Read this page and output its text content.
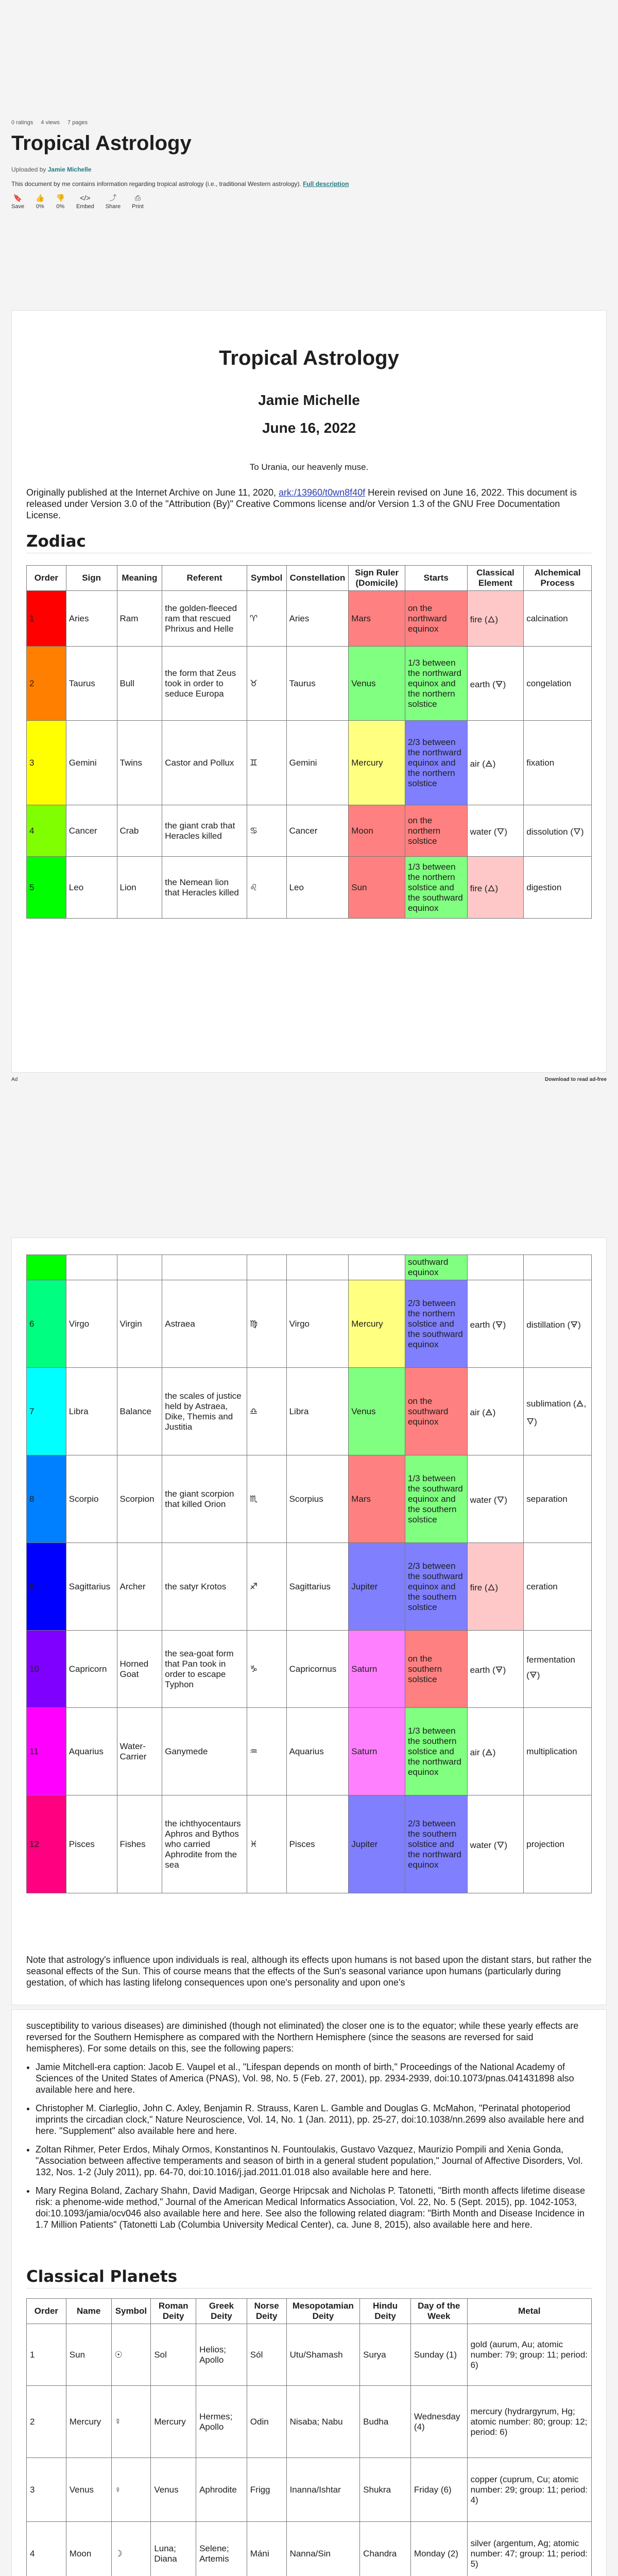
0 ratings 4 views 7 pages
Tropical Astrology
Uploaded by Jamie Michelle
This document by me contains information regarding tropical astrology (i.e., traditional Western astrology). Full description
🔖
Save
👍
0%
👎
0%
</>
Embed
⤴
Share
⎙
Print
Tropical Astrology
Jamie Michelle
June 16, 2022
To Urania, our heavenly muse.

Originally published at the Internet Archive on June 11, 2020, ark:/13960/t0wn8f40f Herein revised on June 16, 2022. This document is released under Version 3.0 of the "Attribution (By)" Creative Commons license and/or Version 1.3 of the GNU Free Documentation License.

Zodiac
Order	Sign	Meaning	Referent	Symbol	Constellation	Sign Ruler (Domicile)	Starts	Classical Element	Alchemical Process
1	Aries	Ram	the golden-fleeced ram that rescued Phrixus and Helle	♈	Aries	Mars	on the northward equinox	fire (🜂)	calcination
2	Taurus	Bull	the form that Zeus took in order to seduce Europa	♉	Taurus	Venus	1/3 between the northward equinox and the northern solstice	earth (🜃)	congelation
3	Gemini	Twins	Castor and Pollux	♊	Gemini	Mercury	2/3 between the northward equinox and the northern solstice	air (🜁)	fixation
4	Cancer	Crab	the giant crab that Heracles killed	♋	Cancer	Moon	on the northern solstice	water (🜄)	dissolution (🜄)
5	Leo	Lion	the Nemean lion that Heracles killed	♌	Leo	Sun	1/3 between the northern solstice and the southward equinox	fire (🜂)	digestion
Ad	Download to read ad-free
							southward equinox		
6	Virgo	Virgin	Astraea	♍	Virgo	Mercury	2/3 between the northern solstice and the southward equinox	earth (🜃)	distillation (🜃)
7	Libra	Balance	the scales of justice held by Astraea, Dike, Themis and Justitia	♎	Libra	Venus	on the southward equinox	air (🜁)	sublimation (🜁, 🜄)
8	Scorpio	Scorpion	the giant scorpion that killed Orion	♏	Scorpius	Mars	1/3 between the southward equinox and the southern solstice	water (🜄)	separation
9	Sagittarius	Archer	the satyr Krotos	♐	Sagittarius	Jupiter	2/3 between the southward equinox and the southern solstice	fire (🜂)	ceration
10	Capricorn	Horned Goat	the sea-goat form that Pan took in order to escape Typhon	♑	Capricornus	Saturn	on the southern solstice	earth (🜃)	fermentation (🜃)
11	Aquarius	Water-Carrier	Ganymede	♒	Aquarius	Saturn	1/3 between the southern solstice and the northward equinox	air (🜁)	multiplication
12	Pisces	Fishes	the ichthyocentaurs Aphros and Bythos who carried Aphrodite from the sea	♓	Pisces	Jupiter	2/3 between the southern solstice and the northward equinox	water (🜄)	projection

Note that astrology's influence upon individuals is real, although its effects upon humans is not based upon the distant stars, but rather the seasonal effects of the Sun. This of course means that the effects of the Sun's seasonal variance upon humans (particularly during gestation, of which has lasting lifelong consequences upon one's personality and upon one's

susceptibility to various diseases) are diminished (though not eliminated) the closer one is to the equator; while these yearly effects are reversed for the Southern Hemisphere as compared with the Northern Hemisphere (since the seasons are reversed for said hemispheres). For some details on this, see the following papers:

• Jamie Mitchell-era caption: Jacob E. Vaupel et al., "Lifespan depends on month of birth," Proceedings of the National Academy of Sciences of the United States of America (PNAS), Vol. 98, No. 5 (Feb. 27, 2001), pp. 2934-2939, doi:10.1073/pnas.041431898 also available here and here.
• Christopher M. Ciarleglio, John C. Axley, Benjamin R. Strauss, Karen L. Gamble and Douglas G. McMahon, "Perinatal photoperiod imprints the circadian clock," Nature Neuroscience, Vol. 14, No. 1 (Jan. 2011), pp. 25-27, doi:10.1038/nn.2699 also available here and here. "Supplement" also available here and here.
• Zoltan Rihmer, Peter Erdos, Mihaly Ormos, Konstantinos N. Fountoulakis, Gustavo Vazquez, Maurizio Pompili and Xenia Gonda, "Association between affective temperaments and season of birth in a general student population," Journal of Affective Disorders, Vol. 132, Nos. 1-2 (July 2011), pp. 64-70, doi:10.1016/j.jad.2011.01.018 also available here and here.
• Mary Regina Boland, Zachary Shahn, David Madigan, George Hripcsak and Nicholas P. Tatonetti, "Birth month affects lifetime disease risk: a phenome-wide method," Journal of the American Medical Informatics Association, Vol. 22, No. 5 (Sept. 2015), pp. 1042-1053, doi:10.1093/jamia/ocv046 also available here and here. See also the following related diagram: "Birth Month and Disease Incidence in 1.7 Million Patients" (Tatonetti Lab (Columbia University Medical Center), ca. June 8, 2015), also available here and here.
Classical Planets
Order	Name	Symbol	Roman Deity	Greek Deity	Norse Deity	Mesopotamian Deity	Hindu Deity	Day of the Week	Metal
1	Sun	☉	Sol	Helios; Apollo	Sól	Utu/Shamash	Surya	Sunday (1)	gold (aurum, Au; atomic number: 79; group: 11; period: 6)
2	Mercury	☿	Mercury	Hermes; Apollo	Odin	Nisaba; Nabu	Budha	Wednesday (4)	mercury (hydrargyrum, Hg; atomic number: 80; group: 12; period: 6)
3	Venus	♀	Venus	Aphrodite	Frigg	Inanna/Ishtar	Shukra	Friday (6)	copper (cuprum, Cu; atomic number: 29; group: 11; period: 4)
4	Moon	☽	Luna; Diana	Selene; Artemis	Máni	Nanna/Sin	Chandra	Monday (2)	silver (argentum, Ag; atomic number: 47; group: 11; period: 5)
